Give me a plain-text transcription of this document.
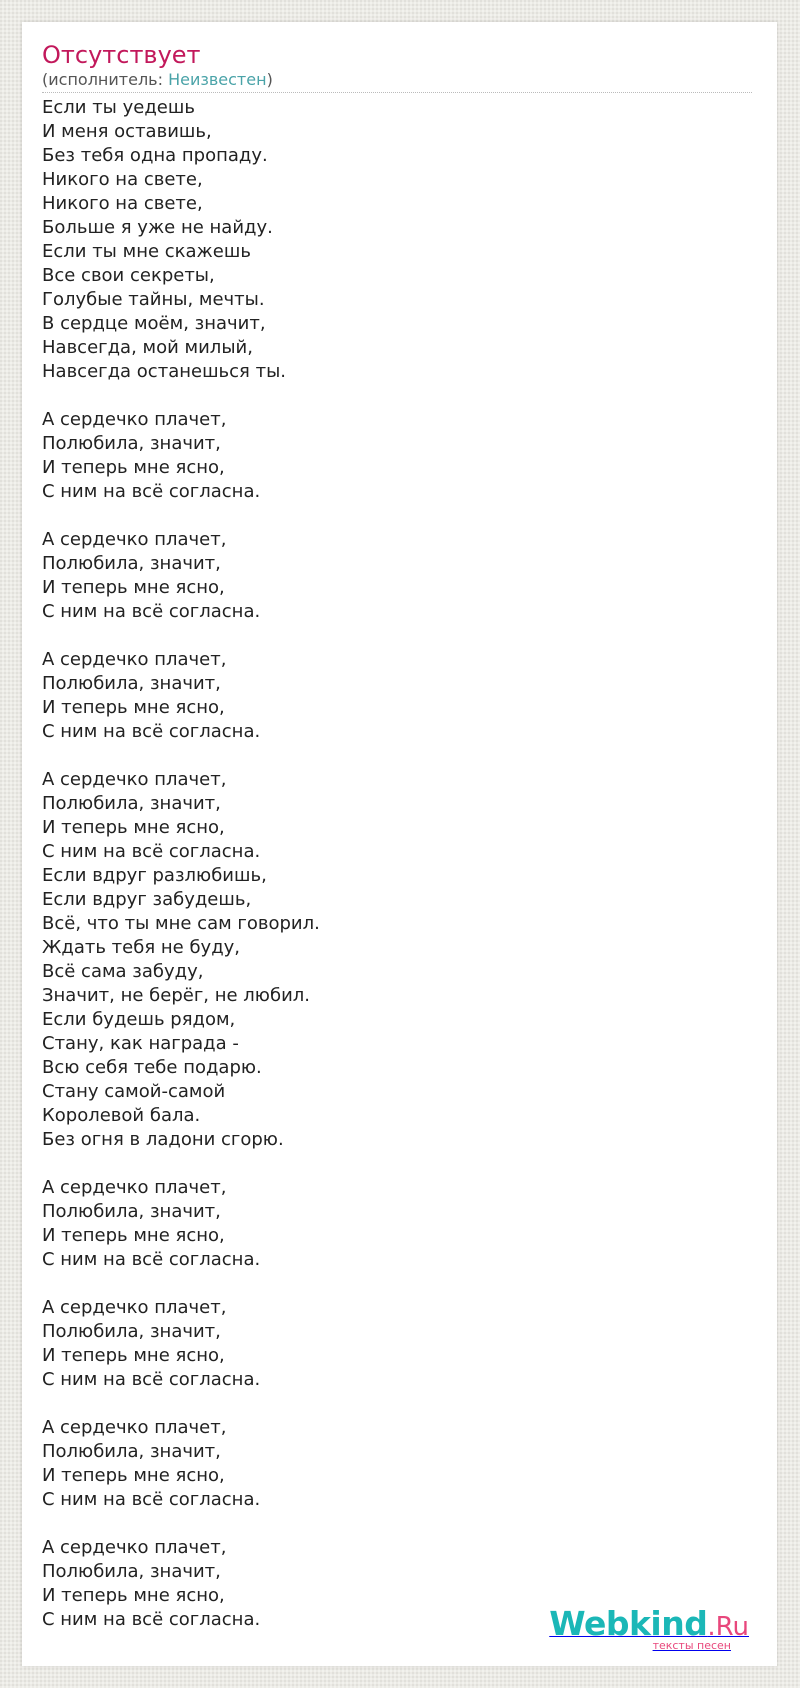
Отсутствует
(исполнитель: Неизвестен)
Если ты уедешь
И меня оставишь,
Без тебя одна пропаду.
Никого на свете,
Никого на свете,
Больше я уже не найду.
Если ты мне скажешь
Все свои секреты,
Голубые тайны, мечты.
В сердце моём, значит,
Навсегда, мой милый,
Навсегда останешься ты.
А сердечко плачет,
Полюбила, значит,
И теперь мне ясно,
С ним на всё согласна.
А сердечко плачет,
Полюбила, значит,
И теперь мне ясно,
С ним на всё согласна.
А сердечко плачет,
Полюбила, значит,
И теперь мне ясно,
С ним на всё согласна.
А сердечко плачет,
Полюбила, значит,
И теперь мне ясно,
С ним на всё согласна.
Если вдруг разлюбишь,
Если вдруг забудешь,
Всё, что ты мне сам говорил.
Ждать тебя не буду,
Всё сама забуду,
Значит, не берёг, не любил.
Если будешь рядом,
Стану, как награда -
Всю себя тебе подарю.
Стану самой-самой
Королевой бала.
Без огня в ладони сгорю.
А сердечко плачет,
Полюбила, значит,
И теперь мне ясно,
С ним на всё согласна.
А сердечко плачет,
Полюбила, значит,
И теперь мне ясно,
С ним на всё согласна.
А сердечко плачет,
Полюбила, значит,
И теперь мне ясно,
С ним на всё согласна.
А сердечко плачет,
Полюбила, значит,
И теперь мне ясно,
С ним на всё согласна.	Webkind.Ru
тексты песен
